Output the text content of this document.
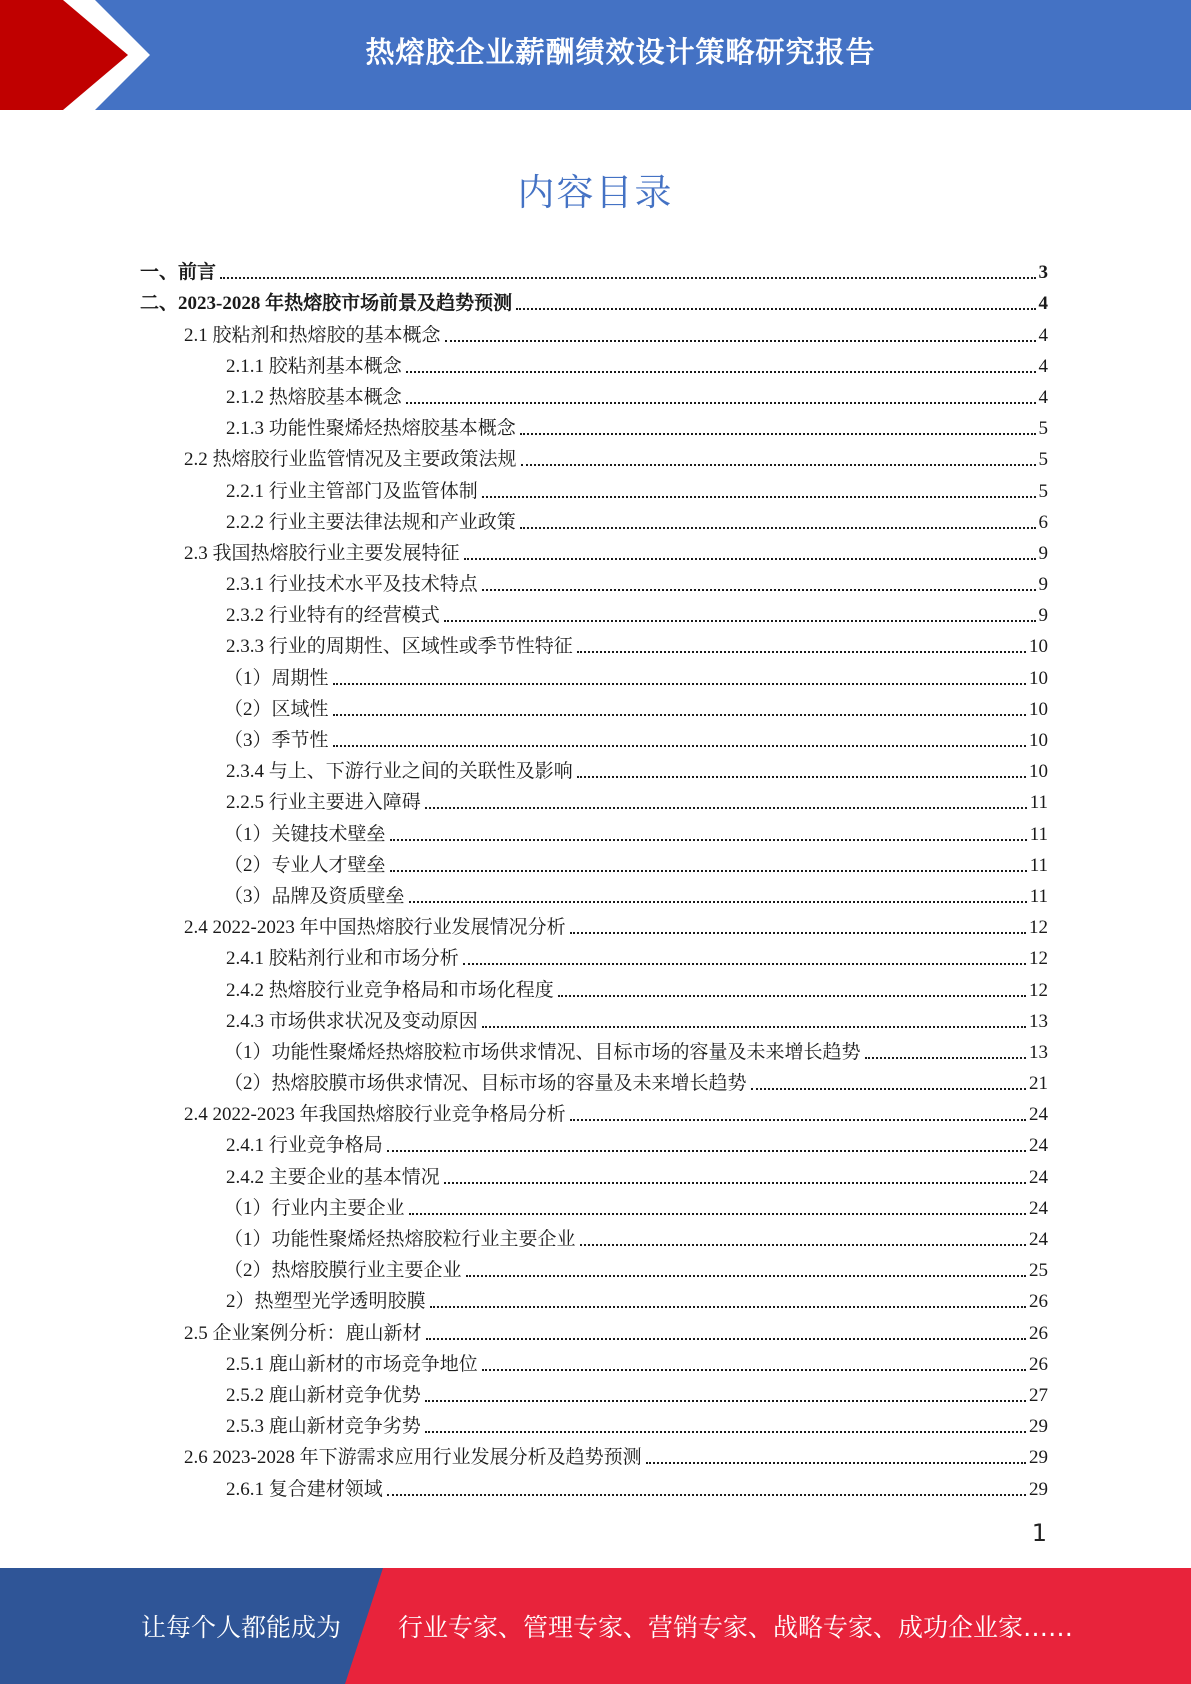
热熔胶企业薪酬绩效设计策略研究报告
内容目录
一、前言	3
二、2023-2028 年热熔胶市场前景及趋势预测	4
2.1 胶粘剂和热熔胶的基本概念	4
2.1.1 胶粘剂基本概念	4
2.1.2 热熔胶基本概念	4
2.1.3 功能性聚烯烃热熔胶基本概念	5
2.2 热熔胶行业监管情况及主要政策法规	5
2.2.1 行业主管部门及监管体制	5
2.2.2 行业主要法律法规和产业政策	6
2.3 我国热熔胶行业主要发展特征	9
2.3.1 行业技术水平及技术特点	9
2.3.2 行业特有的经营模式	9
2.3.3 行业的周期性、区域性或季节性特征	10
（1）周期性	10
（2）区域性	10
（3）季节性	10
2.3.4 与上、下游行业之间的关联性及影响	10
2.2.5 行业主要进入障碍	11
（1）关键技术壁垒	11
（2）专业人才壁垒	11
（3）品牌及资质壁垒	11
2.4 2022-2023 年中国热熔胶行业发展情况分析	12
2.4.1 胶粘剂行业和市场分析	12
2.4.2 热熔胶行业竞争格局和市场化程度	12
2.4.3 市场供求状况及变动原因	13
（1）功能性聚烯烃热熔胶粒市场供求情况、目标市场的容量及未来增长趋势	13
（2）热熔胶膜市场供求情况、目标市场的容量及未来增长趋势	21
2.4 2022-2023 年我国热熔胶行业竞争格局分析	24
2.4.1 行业竞争格局	24
2.4.2 主要企业的基本情况	24
（1）行业内主要企业	24
（1）功能性聚烯烃热熔胶粒行业主要企业	24
（2）热熔胶膜行业主要企业	25
2）热塑型光学透明胶膜	26
2.5 企业案例分析：鹿山新材	26
2.5.1 鹿山新材的市场竞争地位	26
2.5.2 鹿山新材竞争优势	27
2.5.3 鹿山新材竞争劣势	29
2.6 2023-2028 年下游需求应用行业发展分析及趋势预测	29
2.6.1 复合建材领域	29
1
让每个人都能成为 行业专家、管理专家、营销专家、战略专家、成功企业家……
